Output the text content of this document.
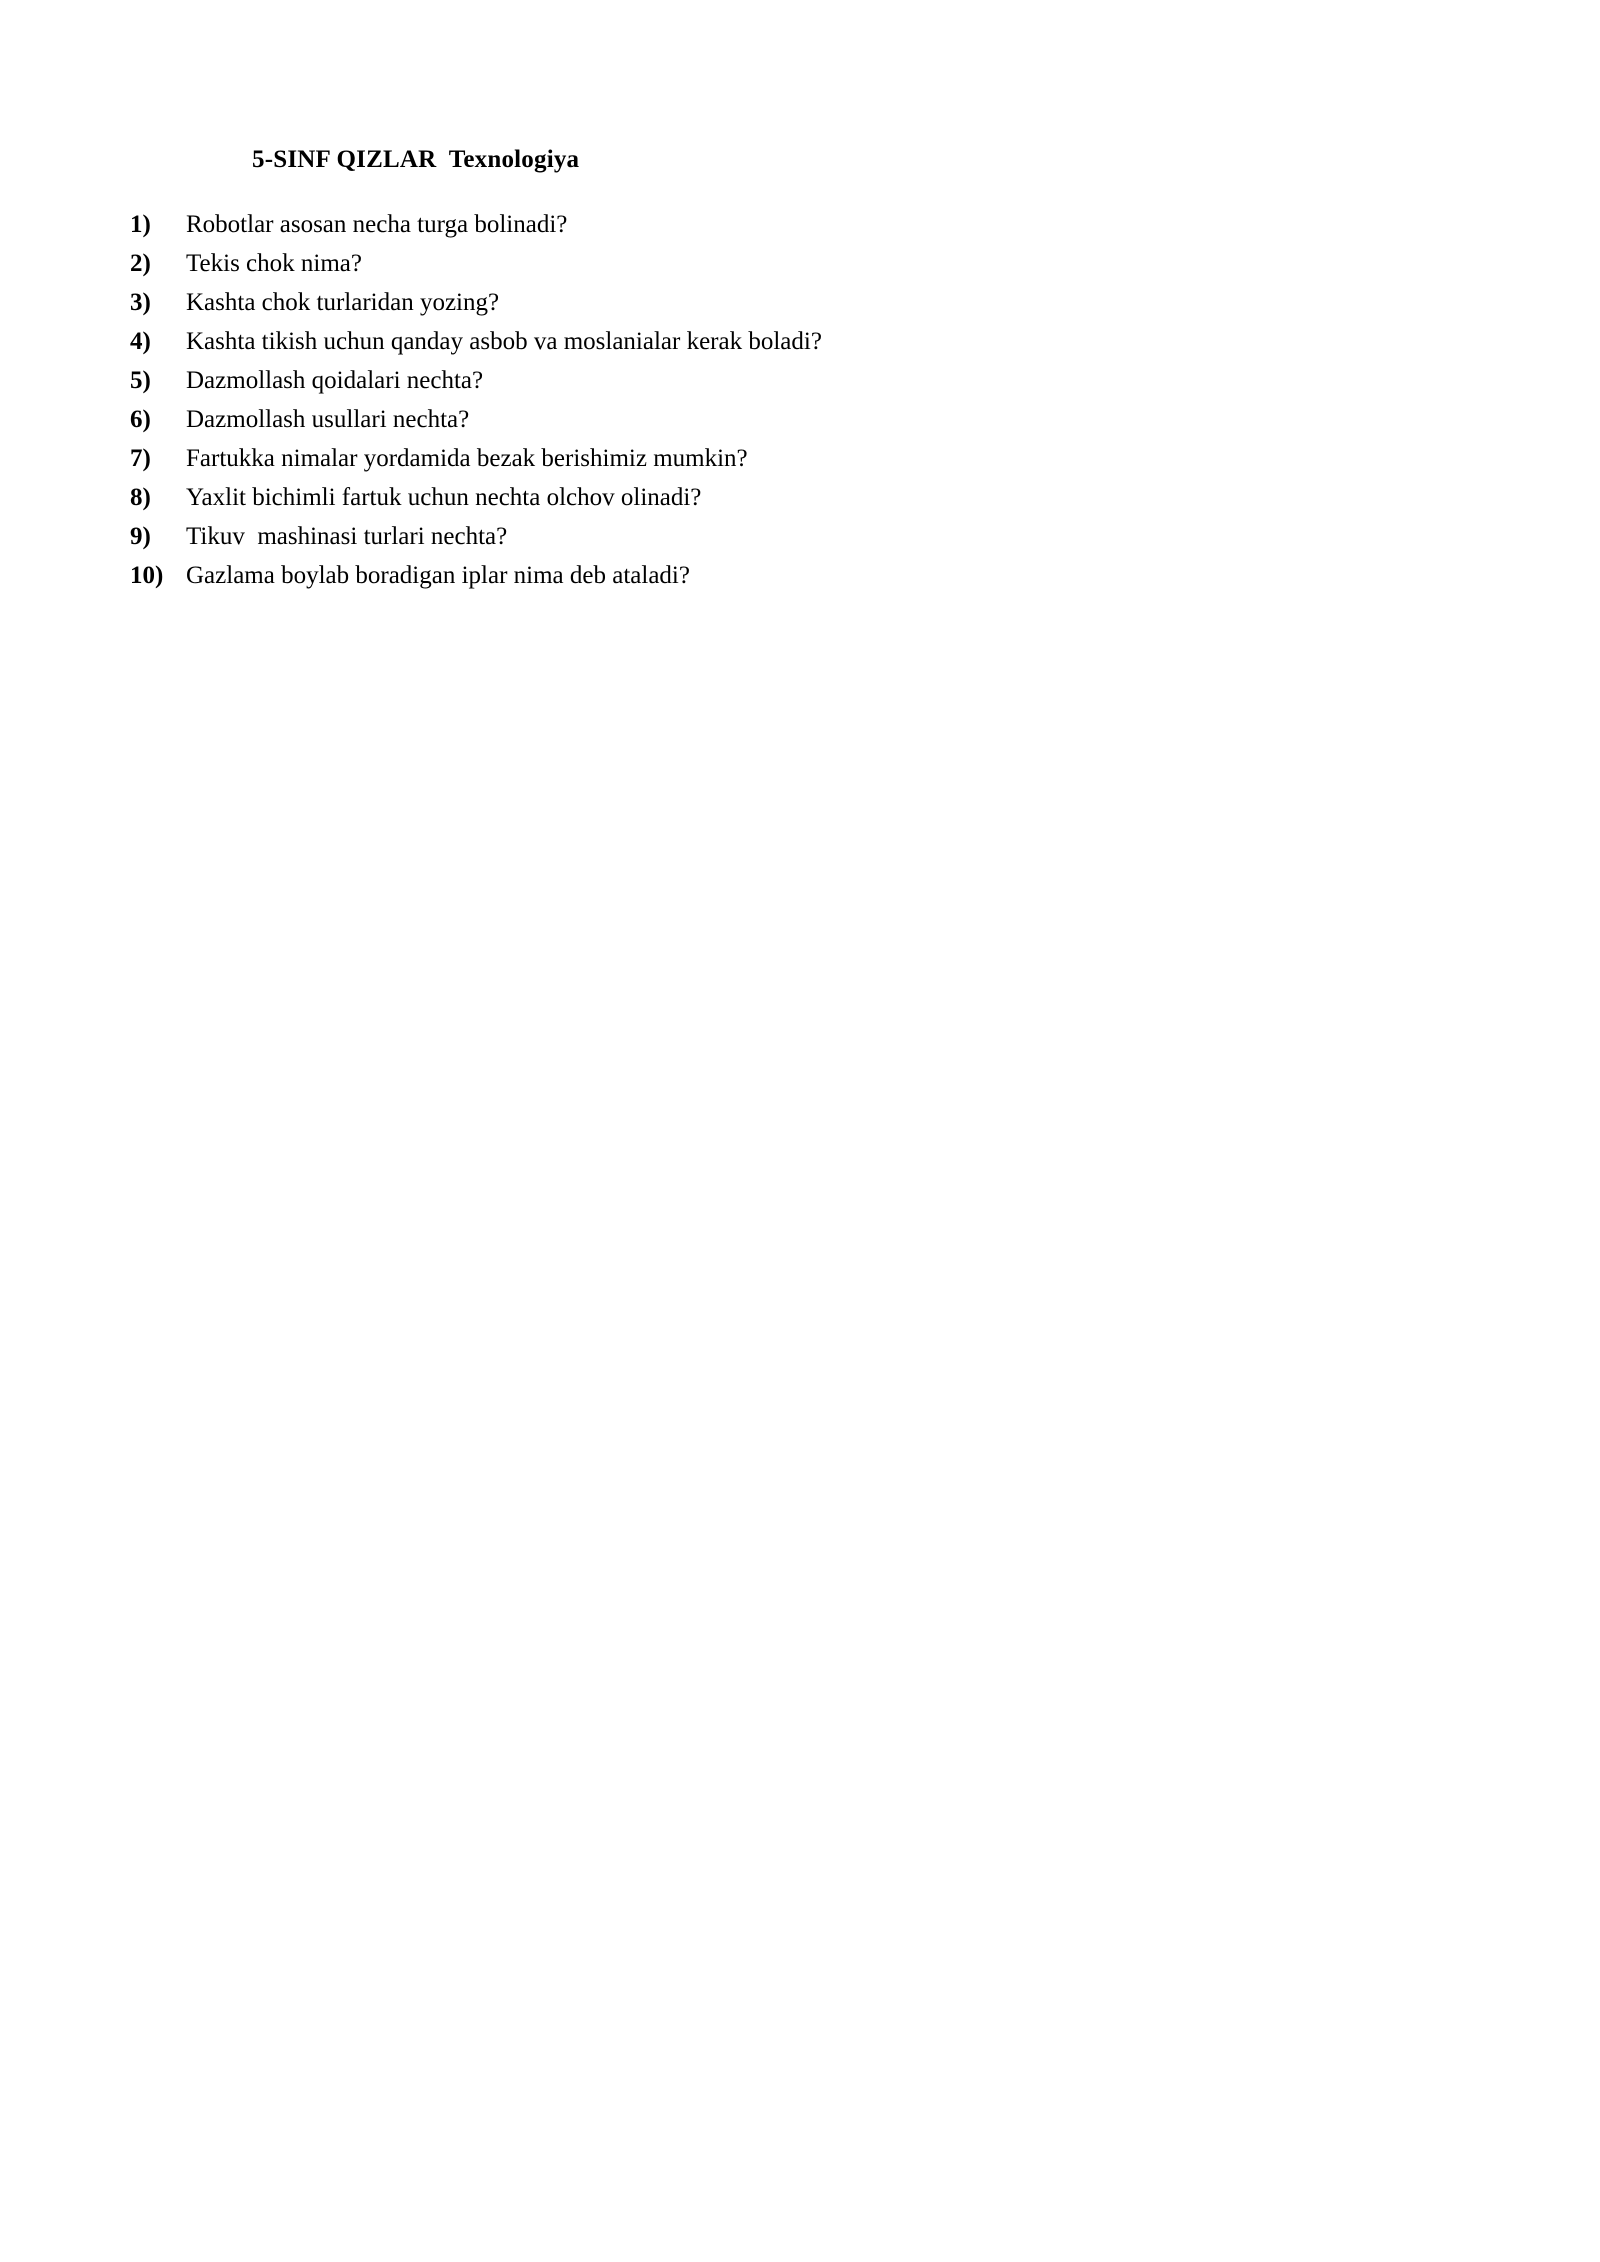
5-SINF QIZLAR  Texnologiya
1)	Robotlar asosan necha turga bolinadi?
2)	Tekis chok nima?
3)	Kashta chok turlaridan yozing?
4)	Kashta tikish uchun qanday asbob va moslanialar kerak boladi?
5)	Dazmollash qoidalari nechta?
6)	Dazmollash usullari nechta?
7)	Fartukka nimalar yordamida bezak berishimiz mumkin?
8)	Yaxlit bichimli fartuk uchun nechta olchov olinadi?
9)	Tikuv  mashinasi turlari nechta?
10) Gazlama boylab boradigan iplar nima deb ataladi?
